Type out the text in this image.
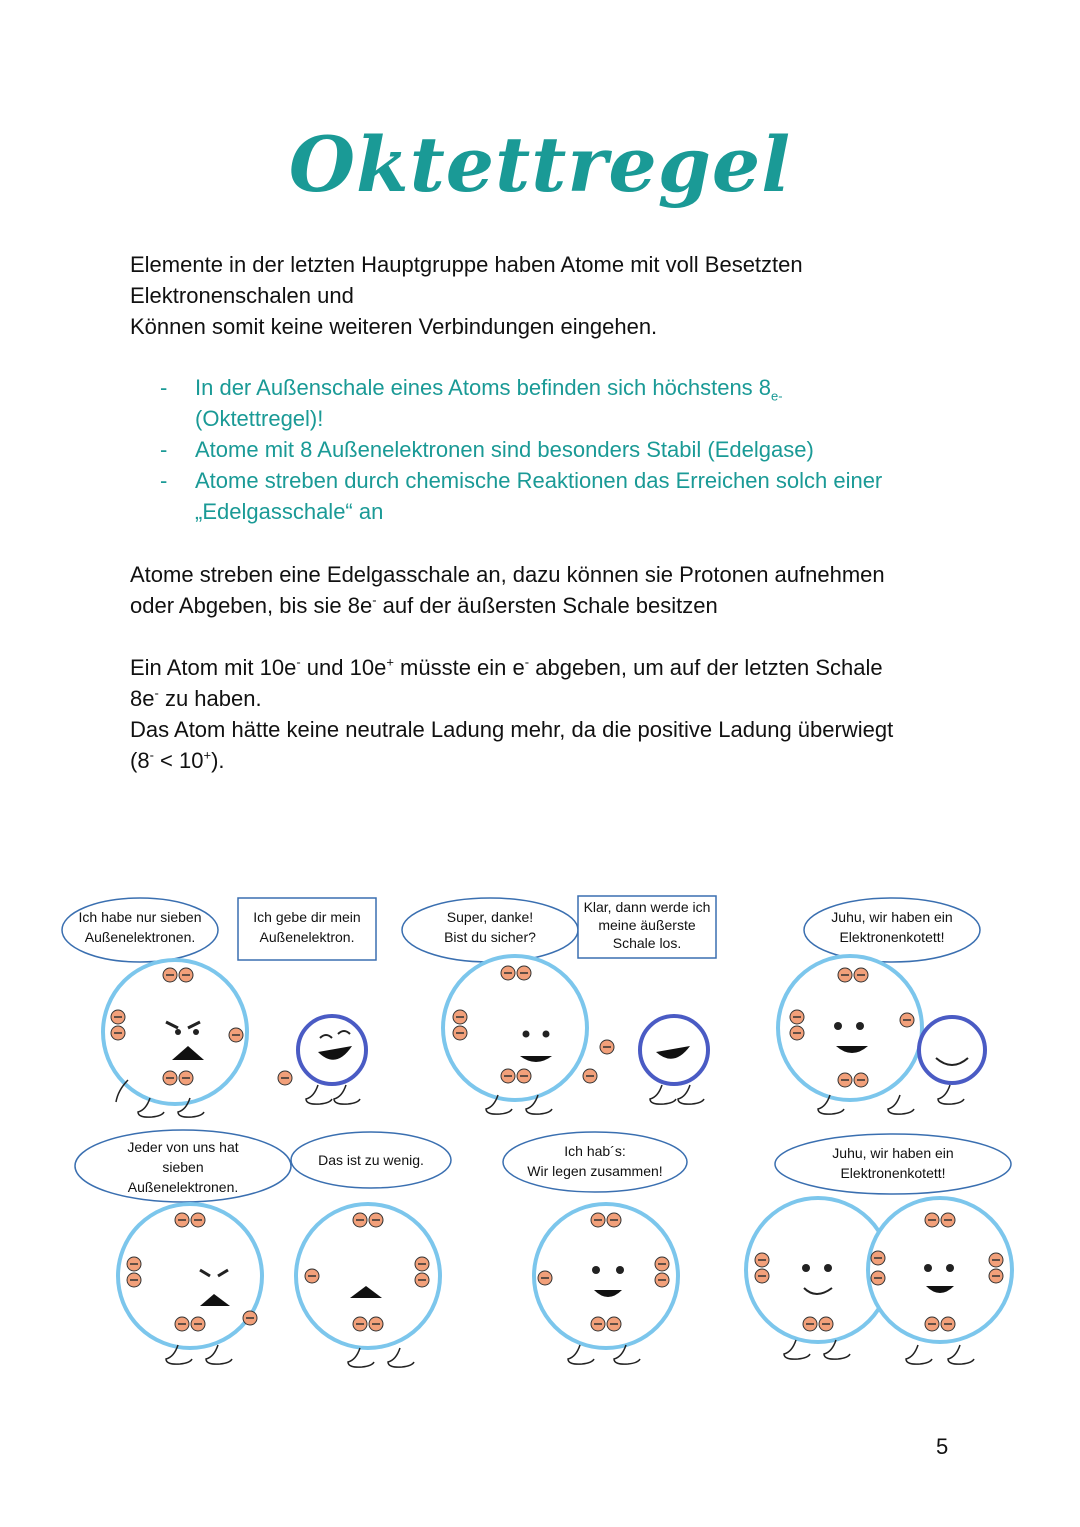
Oktettregel
Elemente in der letzten Hauptgruppe haben Atome mit voll Besetzten
Elektronenschalen und
Können somit keine weiteren Verbindungen eingehen.
- In der Außenschale eines Atoms befinden sich höchstens $8_{e-}$
(Oktettregel)!
- Atome mit 8 Außenelektronen sind besonders Stabil (Edelgase)
- Atome streben durch chemische Reaktionen das Erreichen solch einer
„Edelgasschale“ an
Atome streben eine Edelgasschale an, dazu können sie Protonen aufnehmen
oder Abgeben, bis sie 8e- auf der äußersten Schale besitzen
Ein Atom mit 10e- und 10e+ müsste ein e- abgeben, um auf der letzten Schale
8e- zu haben.
Das Atom hätte keine neutrale Ladung mehr, da die positive Ladung überwiegt
(8- < 10+).
Ich habe nur sieben
Außenelektronen.
Ich gebe dir mein
Außenelektron.
Super, danke!
Bist du sicher?
Klar, dann werde ich
meine äußerste
Schale los.
Juhu, wir haben ein
Elektronenkotett!
Jeder von uns hat
sieben
Außenelektronen.
Das ist zu wenig.
Ich hab´s:
Wir legen zusammen!
Juhu, wir haben ein
Elektronenkotett!
5
